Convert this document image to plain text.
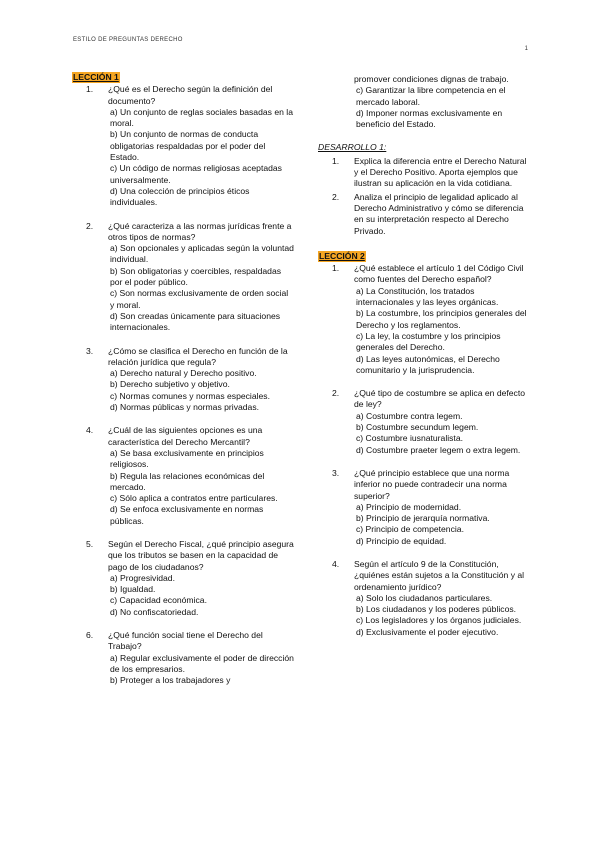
ESTILO DE PREGUNTAS DERECHO
1
LECCIÓN 1
1. ¿Qué es el Derecho según la definición del documento?
a) Un conjunto de reglas sociales basadas en la moral.
b) Un conjunto de normas de conducta obligatorias respaldadas por el poder del Estado.
c) Un código de normas religiosas aceptadas universalmente.
d) Una colección de principios éticos individuales.
2. ¿Qué caracteriza a las normas jurídicas frente a otros tipos de normas?
a) Son opcionales y aplicadas según la voluntad individual.
b) Son obligatorias y coercibles, respaldadas por el poder público.
c) Son normas exclusivamente de orden social y moral.
d) Son creadas únicamente para situaciones internacionales.
3. ¿Cómo se clasifica el Derecho en función de la relación jurídica que regula?
a) Derecho natural y Derecho positivo.
b) Derecho subjetivo y objetivo.
c) Normas comunes y normas especiales.
d) Normas públicas y normas privadas.
4. ¿Cuál de las siguientes opciones es una característica del Derecho Mercantil?
a) Se basa exclusivamente en principios religiosos.
b) Regula las relaciones económicas del mercado.
c) Sólo aplica a contratos entre particulares.
d) Se enfoca exclusivamente en normas públicas.
5. Según el Derecho Fiscal, ¿qué principio asegura que los tributos se basen en la capacidad de pago de los ciudadanos?
a) Progresividad.
b) Igualdad.
c) Capacidad económica.
d) No confiscatoriedad.
6. ¿Qué función social tiene el Derecho del Trabajo?
a) Regular exclusivamente el poder de dirección de los empresarios.
b) Proteger a los trabajadores y
promover condiciones dignas de trabajo.
c) Garantizar la libre competencia en el mercado laboral.
d) Imponer normas exclusivamente en beneficio del Estado.
DESARROLLO 1:
1. Explica la diferencia entre el Derecho Natural y el Derecho Positivo. Aporta ejemplos que ilustran su aplicación en la vida cotidiana.
2. Analiza el principio de legalidad aplicado al Derecho Administrativo y cómo se diferencia en su interpretación respecto al Derecho Privado.
LECCIÓN 2
1. ¿Qué establece el artículo 1 del Código Civil como fuentes del Derecho español?
a) La Constitución, los tratados internacionales y las leyes orgánicas.
b) La costumbre, los principios generales del Derecho y los reglamentos.
c) La ley, la costumbre y los principios generales del Derecho.
d) Las leyes autonómicas, el Derecho comunitario y la jurisprudencia.
2. ¿Qué tipo de costumbre se aplica en defecto de ley?
a) Costumbre contra legem.
b) Costumbre secundum legem.
c) Costumbre iusnaturalista.
d) Costumbre praeter legem o extra legem.
3. ¿Qué principio establece que una norma inferior no puede contradecir una norma superior?
a) Principio de modernidad.
b) Principio de jerarquía normativa.
c) Principio de competencia.
d) Principio de equidad.
4. Según el artículo 9 de la Constitución, ¿quiénes están sujetos a la Constitución y al ordenamiento jurídico?
a) Solo los ciudadanos particulares.
b) Los ciudadanos y los poderes públicos.
c) Los legisladores y los órganos judiciales.
d) Exclusivamente el poder ejecutivo.
